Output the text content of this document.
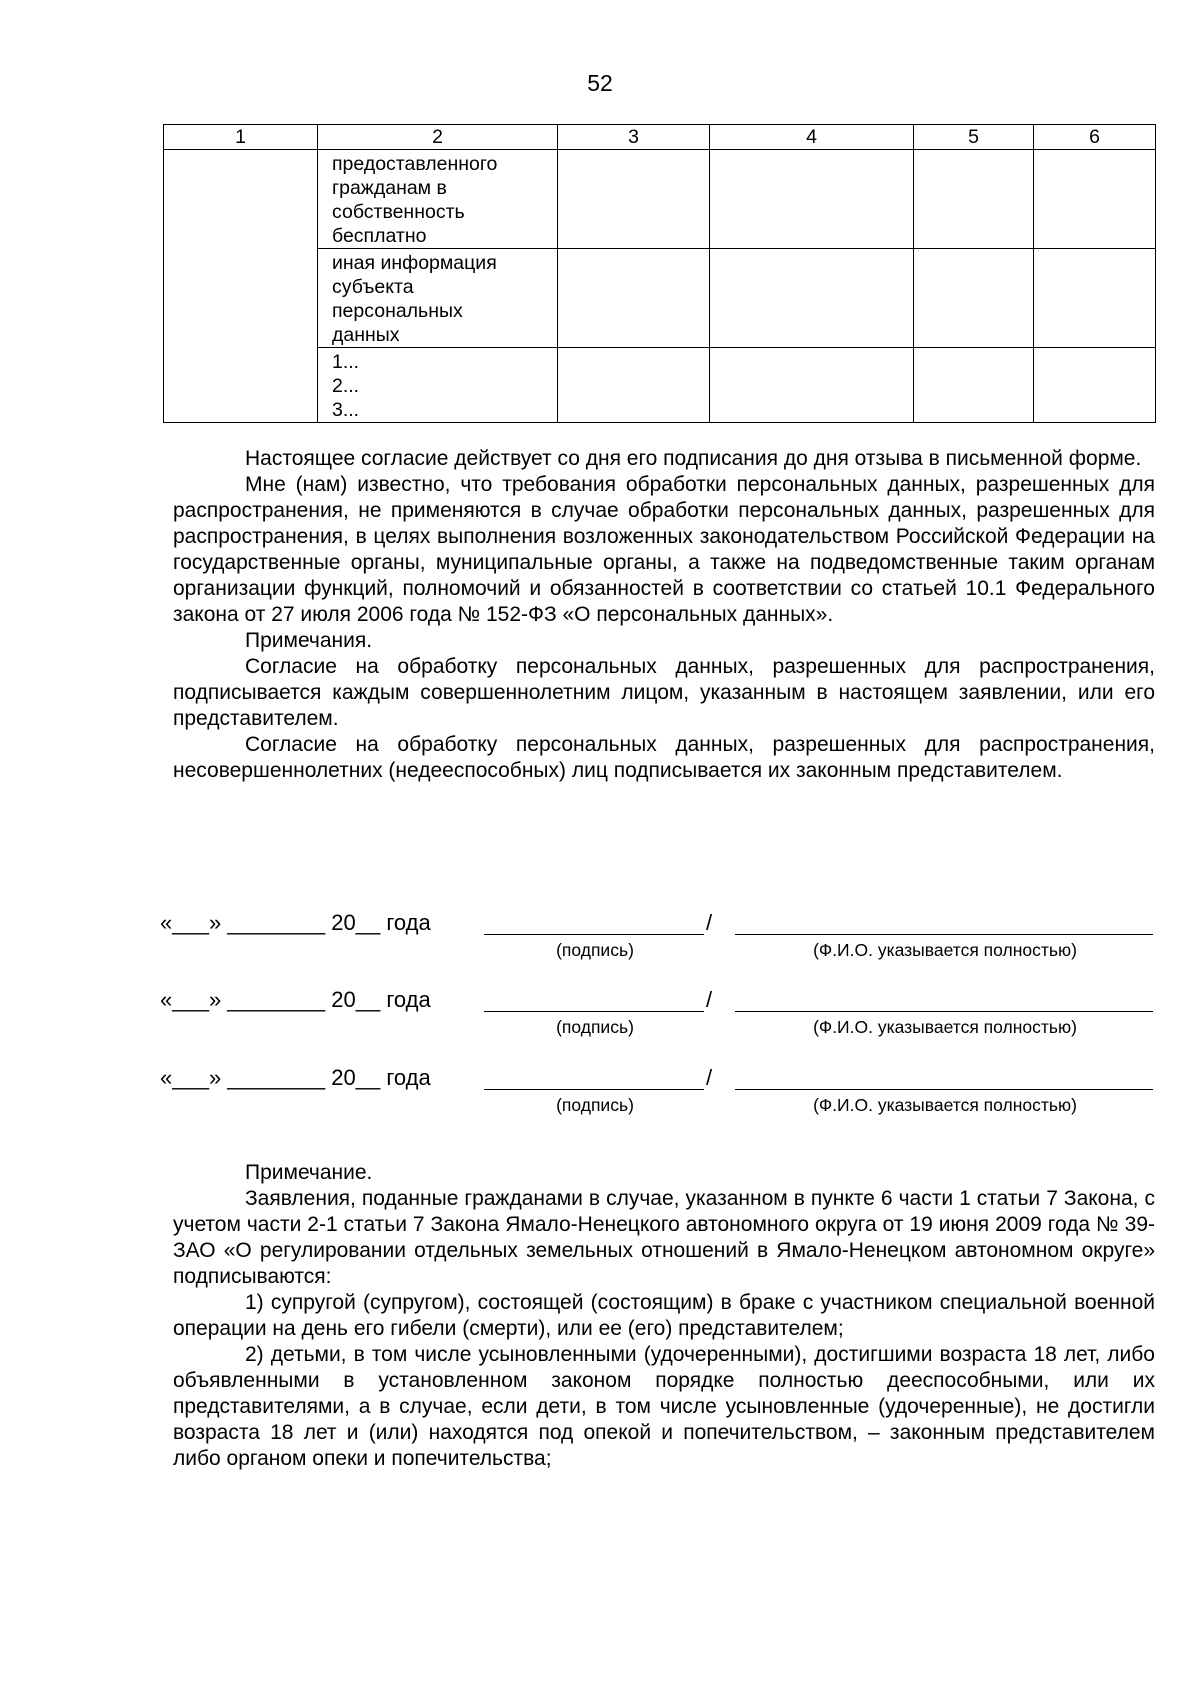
52
1	2	3	4	5	6

	предоставленного
гражданам в
собственность
бесплатно				

	иная информация
субъекта
персональных
данных				

	1...
2...
3...				

Настоящее согласие действует со дня его подписания до дня отзыва в письменной форме.

Мне (нам) известно, что требования обработки персональных данных, разрешенных для распространения, не применяются в случае обработки персональных данных, разрешенных для распространения, в целях выполнения возложенных законодательством Российской Федерации на государственные органы, муниципальные органы, а также на подведомственные таким органам организации функций, полномочий и обязанностей в соответствии со статьей 10.1 Федерального закона от 27 июля 2006 года № 152-ФЗ «О персональных данных».

Примечания.

Согласие на обработку персональных данных, разрешенных для распространения, подписывается каждым совершеннолетним лицом, указанным в настоящем заявлении, или его представителем.

Согласие на обработку персональных данных, разрешенных для распространения, несовершеннолетних (недееспособных) лиц подписывается их законным представителем.

«___» ________ 20__ года	/
(подпись)	(Ф.И.О. указывается полностью)
«___» ________ 20__ года	/
(подпись)	(Ф.И.О. указывается полностью)
«___» ________ 20__ года	/
(подпись)	(Ф.И.О. указывается полностью)

Примечание.

Заявления, поданные гражданами в случае, указанном в пункте 6 части 1 статьи 7 Закона, с учетом части 2-1 статьи 7 Закона Ямало-Ненецкого автономного округа от 19 июня 2009 года № 39-ЗАО «О регулировании отдельных земельных отношений в Ямало-Ненецком автономном округе» подписываются:

1) супругой (супругом), состоящей (состоящим) в браке с участником специальной военной операции на день его гибели (смерти), или ее (его) представителем;

2) детьми, в том числе усыновленными (удочеренными), достигшими возраста 18 лет, либо объявленными в установленном законом порядке полностью дееспособными, или их представителями, а в случае, если дети, в том числе усыновленные (удочеренные), не достигли возраста 18 лет и (или) находятся под опекой и попечительством, – законным представителем либо органом опеки и попечительства;
